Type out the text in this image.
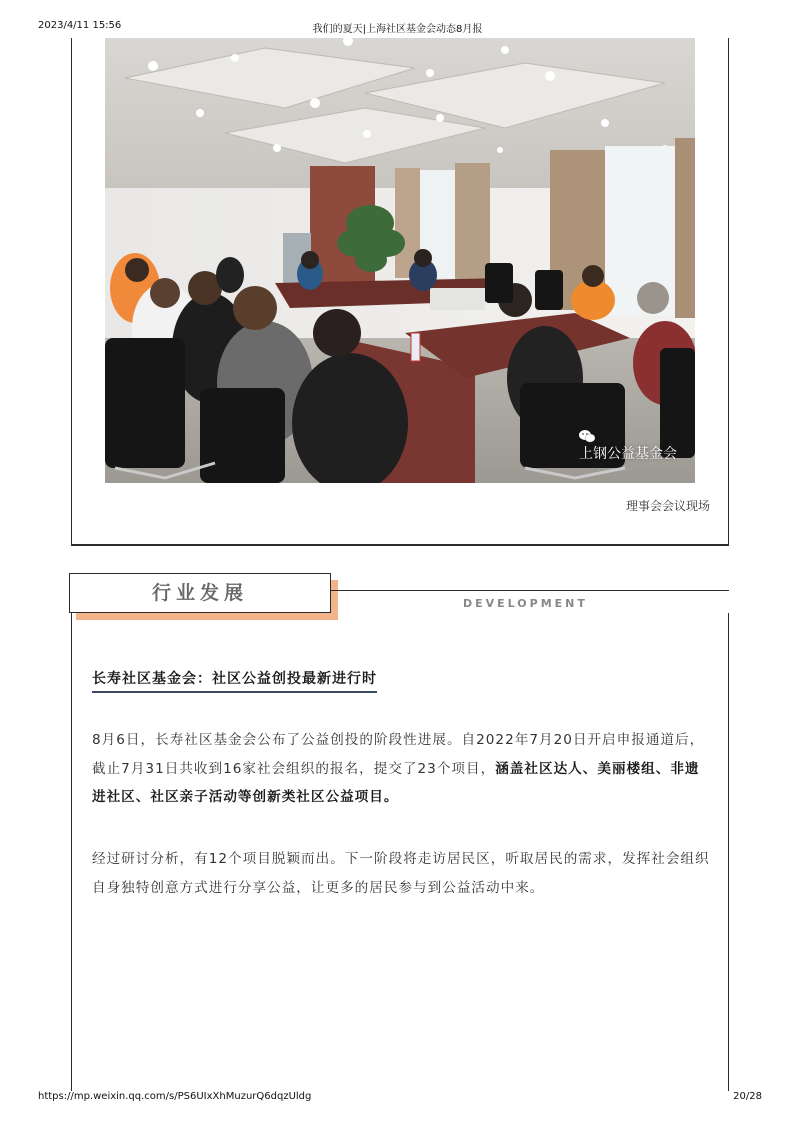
2023/4/11 15:56	我们的夏天|上海社区基金会动态8月报
上钢公益基金会
理事会会议现场
行业发展	DEVELOPMENT
长寿社区基金会：社区公益创投最新进行时

8月6日，长寿社区基金会公布了公益创投的阶段性进展。自2022年7月20日开启申报通道后，截止7月31日共收到16家社会组织的报名，提交了23个项目，涵盖社区达人、美丽楼组、非遗进社区、社区亲子活动等创新类社区公益项目。

经过研讨分析，有12个项目脱颖而出。下一阶段将走访居民区，听取居民的需求，发挥社会组织自身独特创意方式进行分享公益，让更多的居民参与到公益活动中来。

https://mp.weixin.qq.com/s/PS6UIxXhMuzurQ6dqzUldg	20/28
